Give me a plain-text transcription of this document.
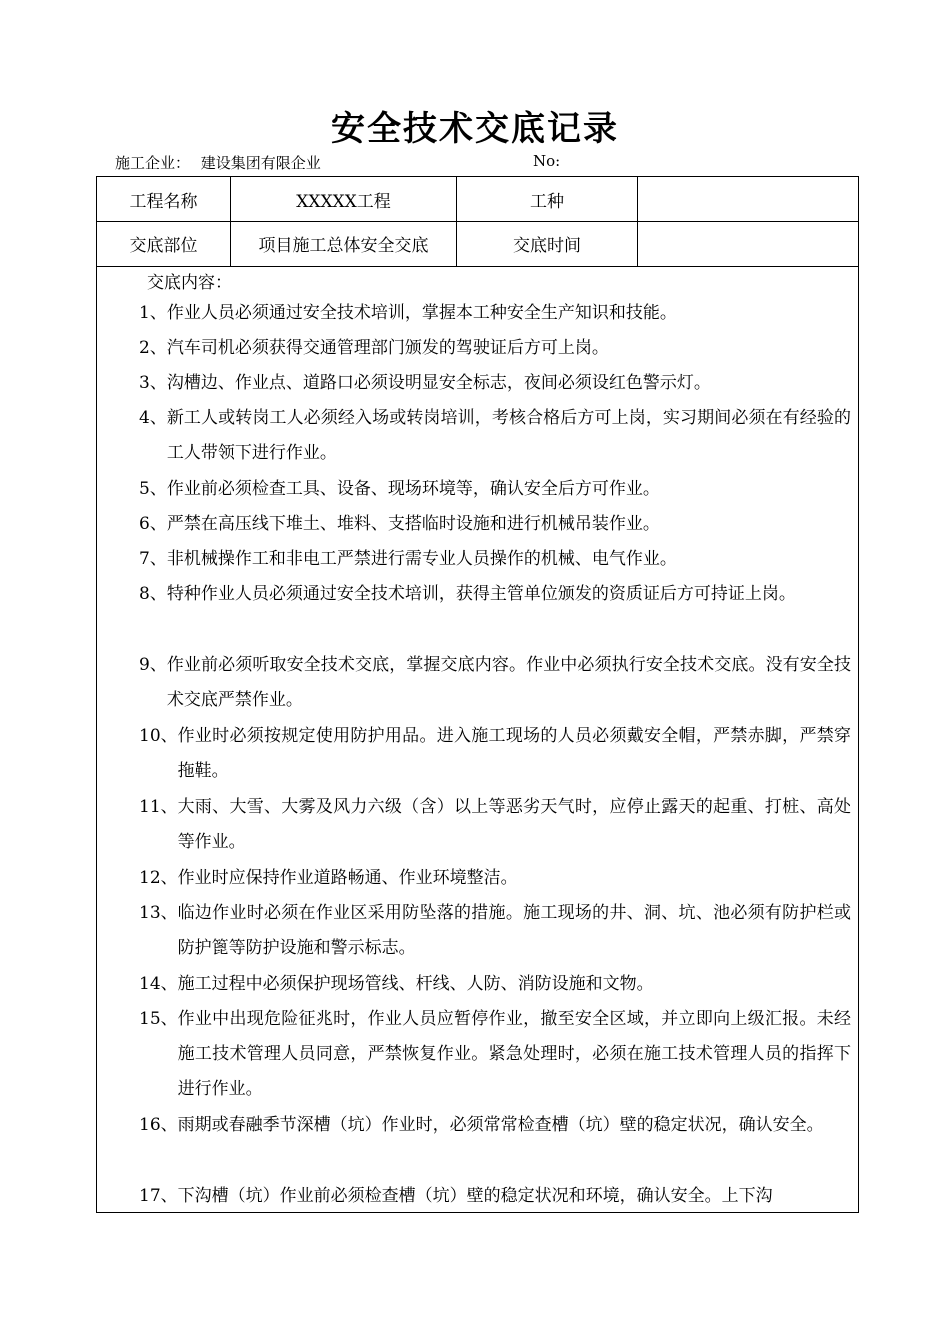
安全技术交底记录
施工企业： 建设集团有限企业	No:
工程名称	XXXXX工程	工种
交底部位	项目施工总体安全交底	交底时间
交底内容：
1、 作业人员必须通过安全技术培训，掌握本工种安全生产知识和技能。
2、 汽车司机必须获得交通管理部门颁发的驾驶证后方可上岗。
3、 沟槽边、作业点、道路口必须设明显安全标志，夜间必须设红色警示灯。
4、 新工人或转岗工人必须经入场或转岗培训，考核合格后方可上岗，实习期间必须在有经验的工人带领下进行作业。
5、 作业前必须检查工具、设备、现场环境等，确认安全后方可作业。
6、 严禁在高压线下堆土、堆料、支搭临时设施和进行机械吊装作业。
7、 非机械操作工和非电工严禁进行需专业人员操作的机械、电气作业。
8、 特种作业人员必须通过安全技术培训，获得主管单位颁发的资质证后方可持证上岗。
9、 作业前必须听取安全技术交底，掌握交底内容。作业中必须执行安全技术交底。没有安全技术交底严禁作业。
10、 作业时必须按规定使用防护用品。进入施工现场的人员必须戴安全帽，严禁赤脚，严禁穿拖鞋。
11、 大雨、大雪、大雾及风力六级（含）以上等恶劣天气时，应停止露天的起重、打桩、高处等作业。
12、 作业时应保持作业道路畅通、作业环境整洁。
13、 临边作业时必须在作业区采用防坠落的措施。施工现场的井、洞、坑、池必须有防护栏或防护篦等防护设施和警示标志。
14、 施工过程中必须保护现场管线、杆线、人防、消防设施和文物。
15、 作业中出现危险征兆时，作业人员应暂停作业，撤至安全区域，并立即向上级汇报。未经施工技术管理人员同意，严禁恢复作业。紧急处理时，必须在施工技术管理人员的指挥下进行作业。
16、 雨期或春融季节深槽（坑）作业时，必须常常检查槽（坑）壁的稳定状况，确认安全。
17、 下沟槽（坑）作业前必须检查槽（坑）壁的稳定状况和环境，确认安全。上下沟
